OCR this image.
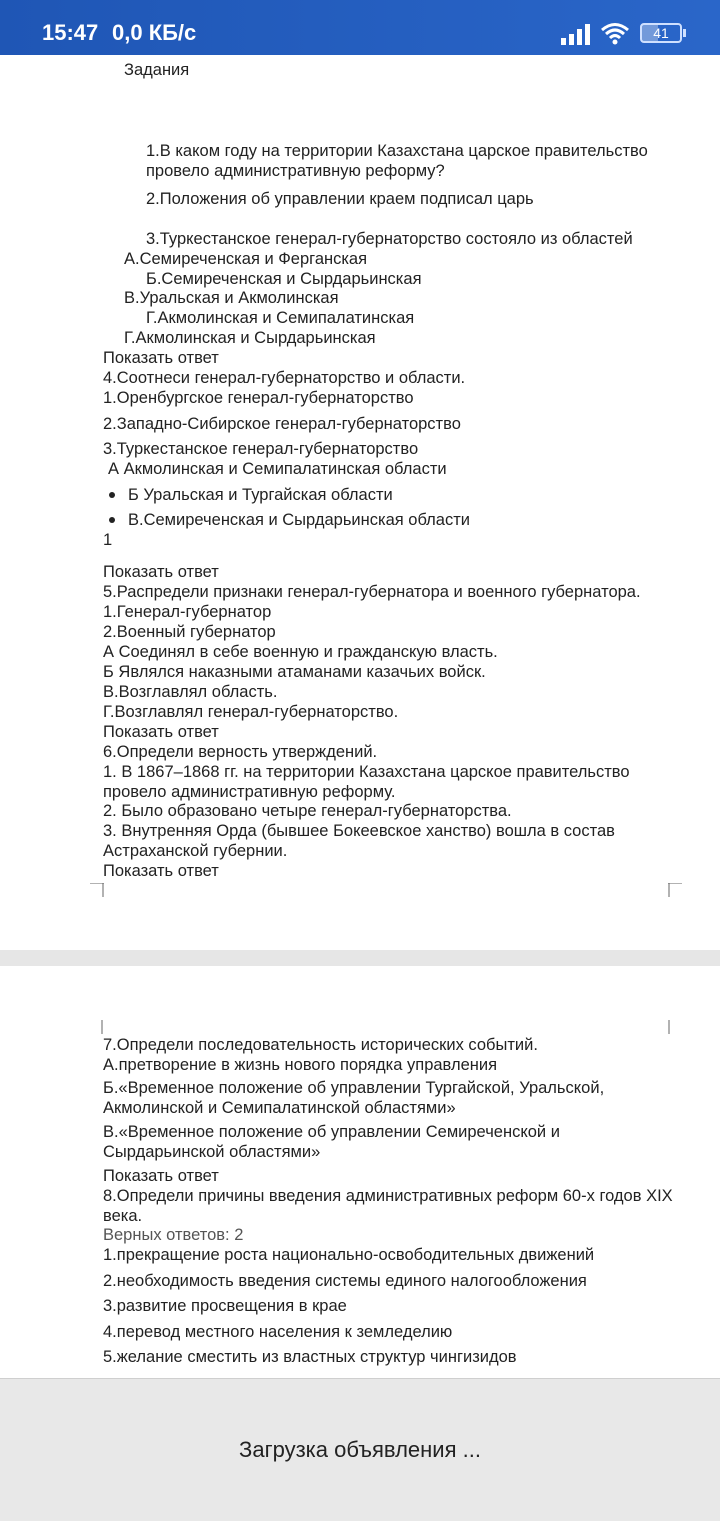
15:47 0,0 КБ/с	41
Задания
1.В каком году на территории Казахстана царское правительство
провело административную реформу?
2.Положения об управлении краем подписал царь
3.Туркестанское генерал-губернаторство состояло из областей
А.Семиреченская и Ферганская
Б.Семиреченская и Сырдарьинская
В.Уральская и Акмолинская
Г.Акмолинская и Семипалатинская
Г.Акмолинская и Сырдарьинская
Показать ответ
4.Соотнеси генерал-губернаторство и области.
1.Оренбургское генерал-губернаторство
2.Западно-Сибирское генерал-губернаторство
3.Туркестанское генерал-губернаторство
А Акмолинская и Семипалатинская области
Б Уральская и Тургайская области
В.Семиреченская и Сырдарьинская области
1
Показать ответ
5.Распредели признаки генерал-губернатора и военного губернатора.
1.Генерал-губернатор
2.Военный губернатор
А Соединял в себе военную и гражданскую власть.
Б Являлся наказными атаманами казачьих войск.
В.Возглавлял область.
Г.Возглавлял генерал-губернаторство.
Показать ответ
6.Определи верность утверждений.
1. В 1867–1868 гг. на территории Казахстана царское правительство
провело административную реформу.
2. Было образовано четыре генерал-губернаторства.
3. Внутренняя Орда (бывшее Бокеевское ханство) вошла в состав
Астраханской губернии.
Показать ответ
7.Определи последовательность исторических событий.
А.претворение в жизнь нового порядка управления
Б.«Временное положение об управлении Тургайской, Уральской,
Акмолинской и Семипалатинской областями»
В.«Временное положение об управлении Семиреченской и
Сырдарьинской областями»
Показать ответ
8.Определи причины введения административных реформ 60-х годов XIX
века.
Верных ответов: 2
1.прекращение роста национально-освободительных движений
2.необходимость введения системы единого налогообложения
3.развитие просвещения в крае
4.перевод местного населения к земледелию
5.желание сместить из властных структур чингизидов
Загрузка объявления ...
